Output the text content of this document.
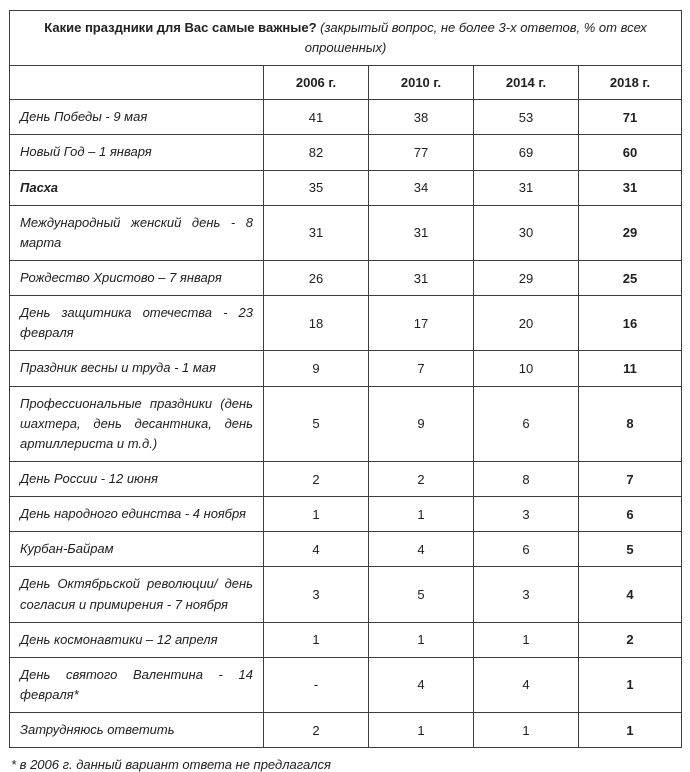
Какие праздники для Вас самые важные? (закрытый вопрос, не более 3-х ответов, % от всех опрошенных)				
	2006 г.	2010 г.	2014 г.	2018 г.
День Победы - 9 мая	41	38	53	71
Новый Год – 1 января	82	77	69	60
Пасха	35	34	31	31
Международный женский день - 8 марта	31	31	30	29
Рождество Христово – 7 января	26	31	29	25
День защитника отечества - 23 февраля	18	17	20	16
Праздник весны и труда - 1 мая	9	7	10	11
Профессиональные праздники (день шахтера, день десантника, день артиллериста и т.д.)	5	9	6	8
День России - 12 июня	2	2	8	7
День народного единства - 4 ноября	1	1	3	6
Курбан-Байрам	4	4	6	5
День Октябрьской революции/ день согласия и примирения - 7 ноября	3	5	3	4
День космонавтики – 12 апреля	1	1	1	2
День святого Валентина - 14 февраля*	-	4	4	1
Затрудняюсь ответить	2	1	1	1
* в 2006 г. данный вариант ответа не предлагался
